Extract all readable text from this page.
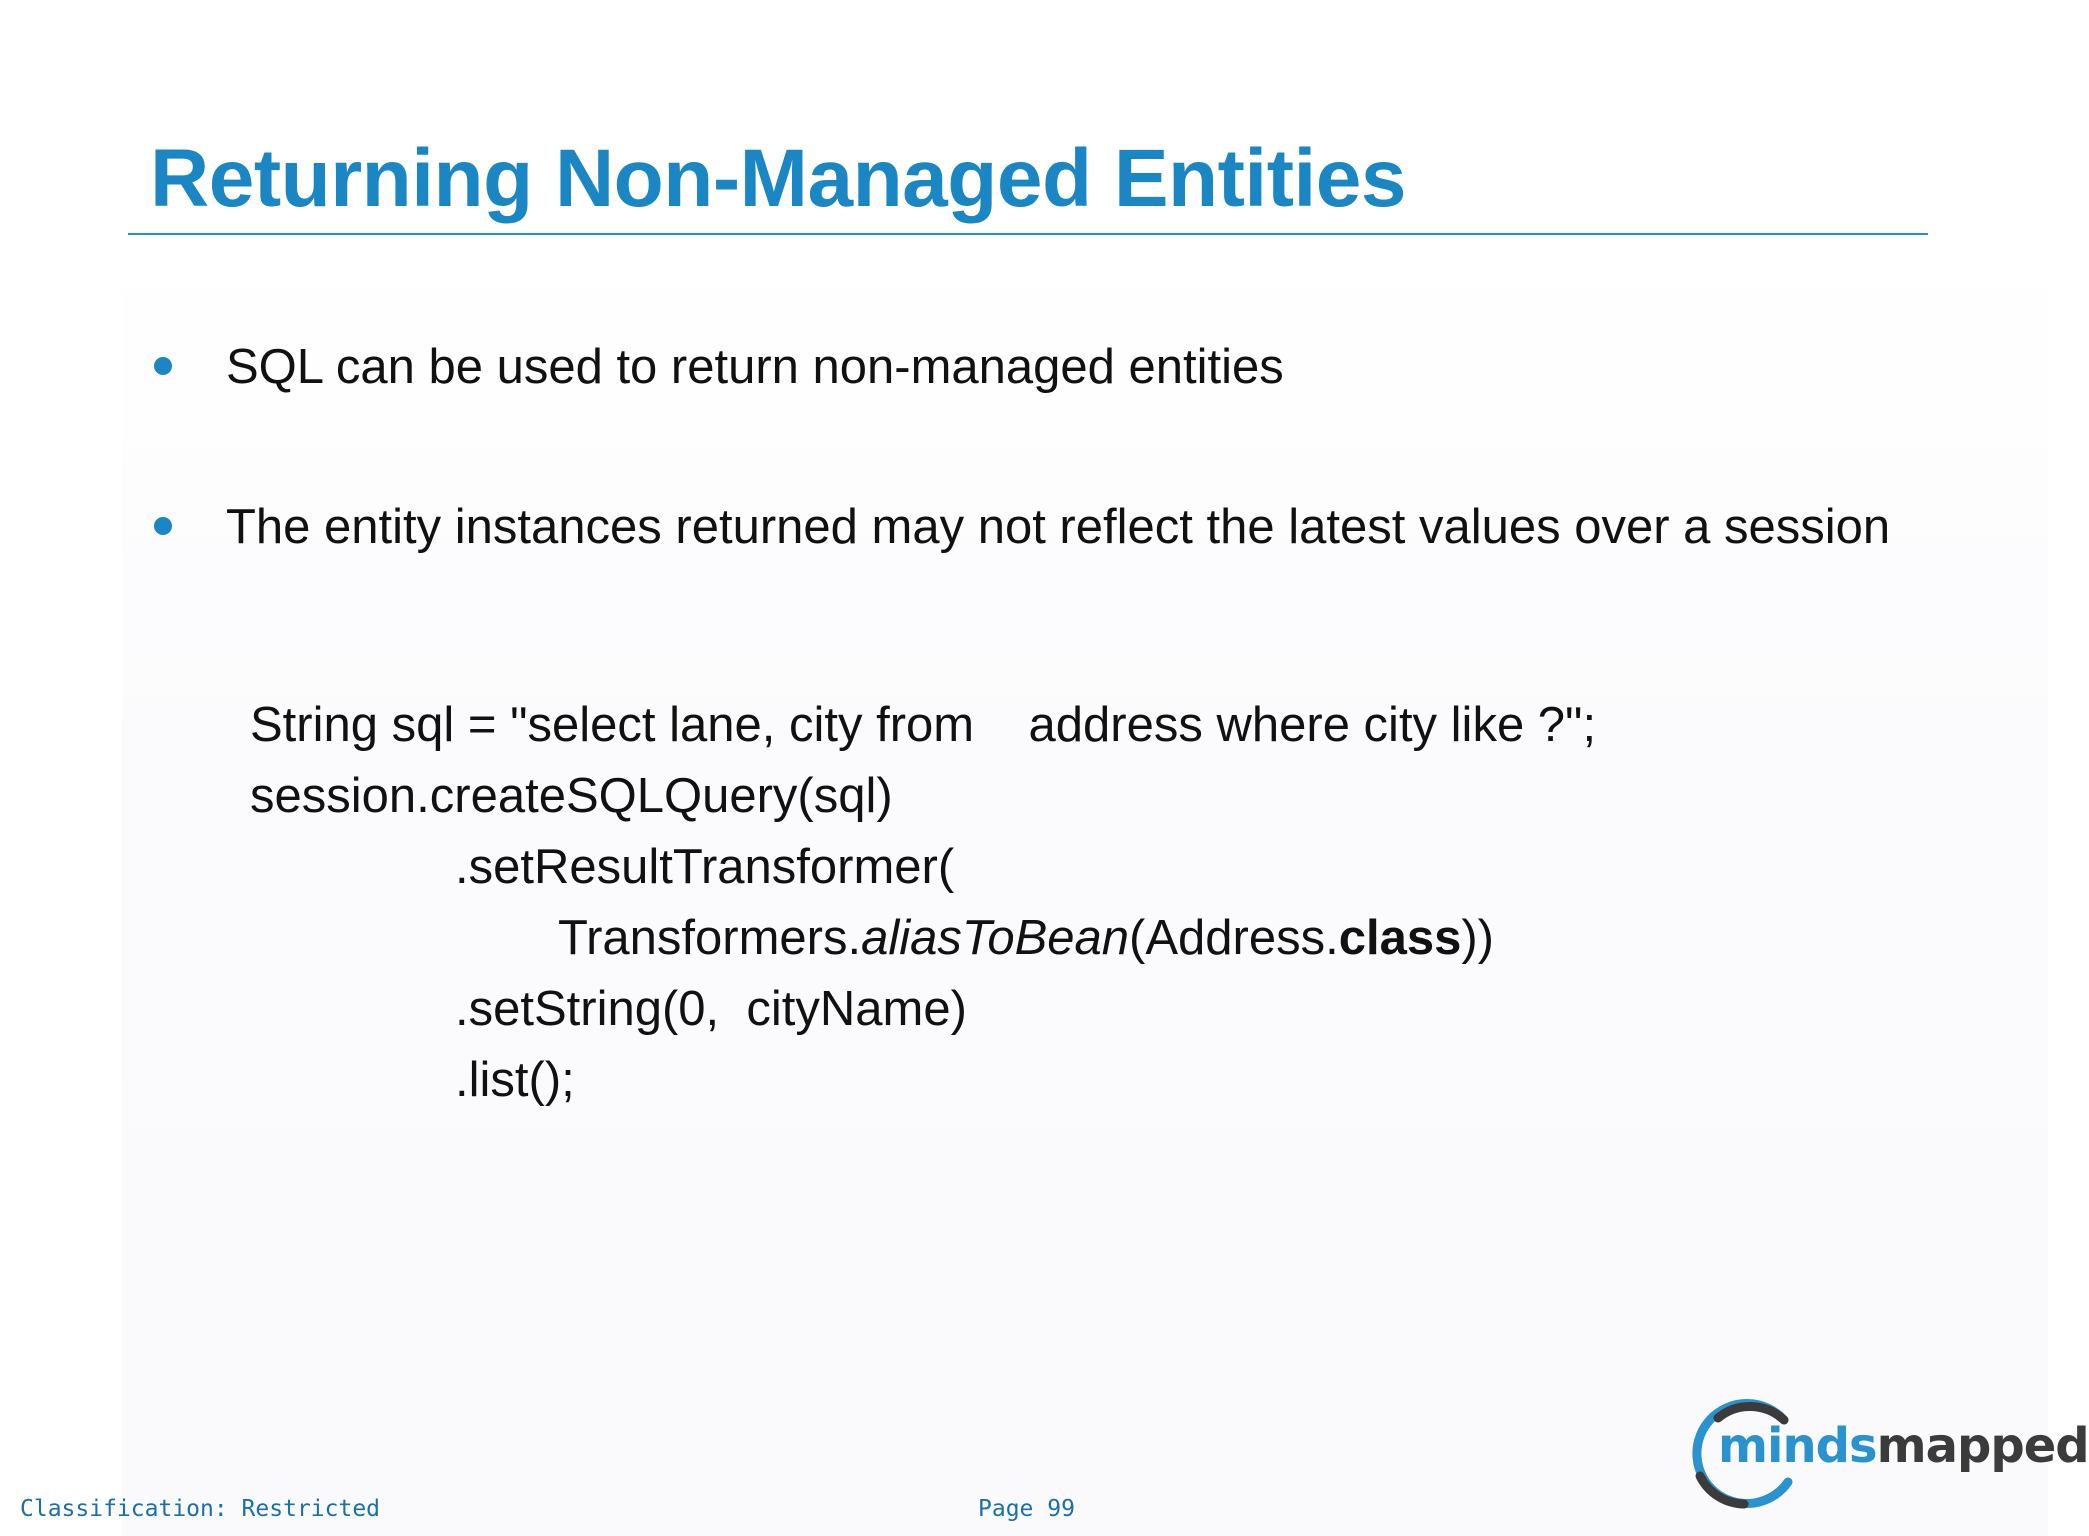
Returning Non-Managed Entities
SQL can be used to return non-managed entities
The entity instances returned may not reflect the latest values over a session
String sql = "select lane, city from    address where city like ?";
session.createSQLQuery(sql)
.setResultTransformer(
Transformers.aliasToBean(Address.class))
.setString(0,  cityName)
.list();
Classification: Restricted	Page 99
mindsmapped
